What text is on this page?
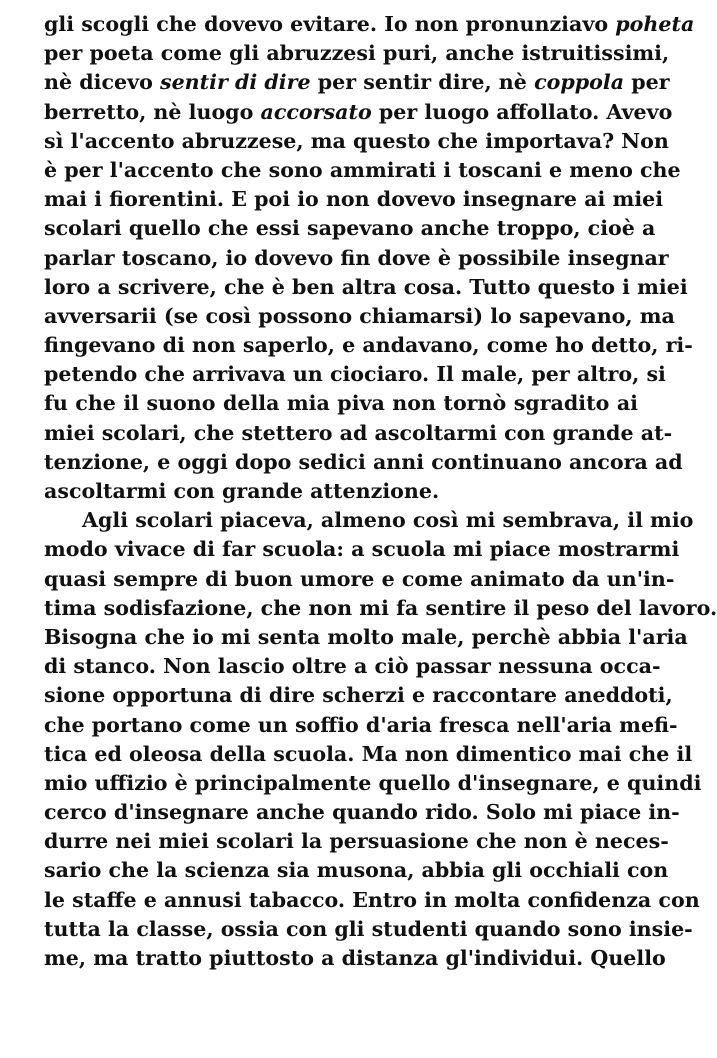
gli scogli che dovevo evitare. Io non pronunziavo poheta
per poeta come gli abruzzesi puri, anche istruitissimi,
nè dicevo sentir di dire per sentir dire, nè coppola per
berretto, nè luogo accorsato per luogo affollato. Avevo
sì l'accento abruzzese, ma questo che importava? Non
è per l'accento che sono ammirati i toscani e meno che
mai i fiorentini. E poi io non dovevo insegnare ai miei
scolari quello che essi sapevano anche troppo, cioè a
parlar toscano, io dovevo fin dove è possibile insegnar
loro a scrivere, che è ben altra cosa. Tutto questo i miei
avversarii (se così possono chiamarsi) lo sapevano, ma
fingevano di non saperlo, e andavano, come ho detto, ri-
petendo che arrivava un ciociaro. Il male, per altro, si
fu che il suono della mia piva non tornò sgradito ai
miei scolari, che stettero ad ascoltarmi con grande at-
tenzione, e oggi dopo sedici anni continuano ancora ad
ascoltarmi con grande attenzione.
Agli scolari piaceva, almeno così mi sembrava, il mio
modo vivace di far scuola: a scuola mi piace mostrarmi
quasi sempre di buon umore e come animato da un'in-
tima sodisfazione, che non mi fa sentire il peso del lavoro.
Bisogna che io mi senta molto male, perchè abbia l'aria
di stanco. Non lascio oltre a ciò passar nessuna occa-
sione opportuna di dire scherzi e raccontare aneddoti,
che portano come un soffio d'aria fresca nell'aria mefi-
tica ed oleosa della scuola. Ma non dimentico mai che il
mio uffizio è principalmente quello d'insegnare, e quindi
cerco d'insegnare anche quando rido. Solo mi piace in-
durre nei miei scolari la persuasione che non è neces-
sario che la scienza sia musona, abbia gli occhiali con
le staffe e annusi tabacco. Entro in molta confidenza con
tutta la classe, ossia con gli studenti quando sono insie-
me, ma tratto piuttosto a distanza gl'individui. Quello
